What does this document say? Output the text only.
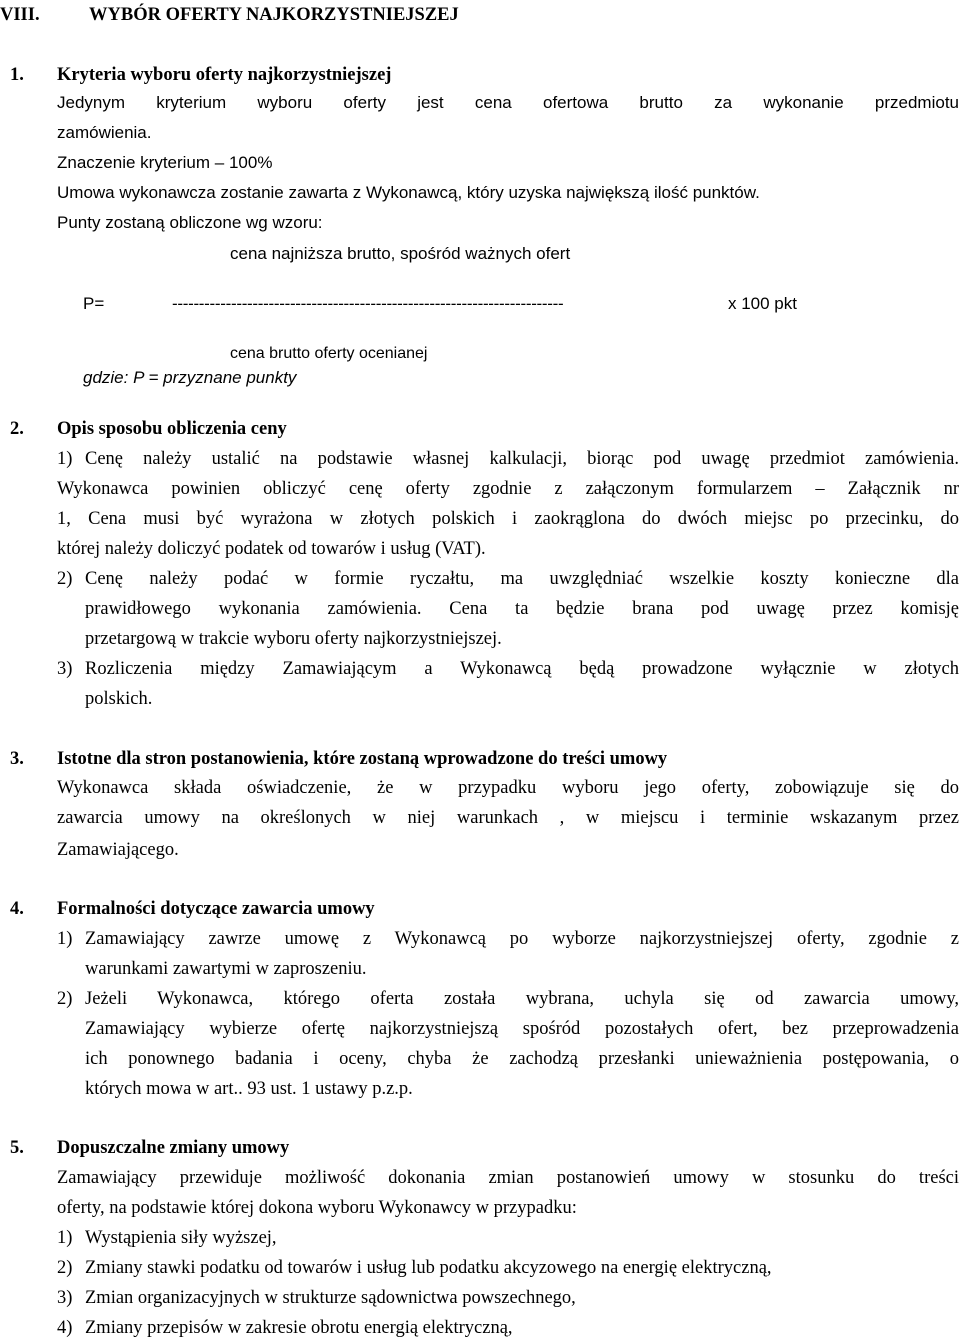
VIII.	WYBÓR OFERTY NAJKORZYSTNIEJSZEJ
1. Kryteria wyboru oferty najkorzystniejszej
Jedynym kryterium wyboru oferty jest cena ofertowa brutto za wykonanie przedmiotu
zamówienia.
Znaczenie kryterium – 100%
Umowa wykonawcza zostanie zawarta z Wykonawcą, który uzyska największą ilość punktów.
Punty zostaną obliczone wg wzoru:
cena najniższa brutto, spośród ważnych ofert
P=	-------------------------------------------------------------------------	x 100 pkt
cena brutto oferty ocenianej
gdzie: P = przyznane punkty
2. Opis sposobu obliczenia ceny
1) Cenę należy ustalić na podstawie własnej kalkulacji, biorąc pod uwagę przedmiot zamówienia.
Wykonawca powinien obliczyć cenę oferty zgodnie z załączonym formularzem – Załącznik nr
1, Cena musi być wyrażona w złotych polskich i zaokrąglona do dwóch miejsc po przecinku, do
której należy doliczyć podatek od towarów i usług (VAT).
2) Cenę należy podać w formie ryczałtu, ma uwzględniać wszelkie koszty konieczne dla
prawidłowego wykonania zamówienia. Cena ta będzie brana pod uwagę przez komisję
przetargową w trakcie wyboru oferty najkorzystniejszej.
3) Rozliczenia między Zamawiającym a Wykonawcą będą prowadzone wyłącznie w złotych
polskich.
3. Istotne dla stron postanowienia, które zostaną wprowadzone do treści umowy
Wykonawca składa oświadczenie, że w przypadku wyboru jego oferty, zobowiązuje się do
zawarcia umowy na określonych w niej warunkach , w miejscu i terminie wskazanym przez
Zamawiającego.
4. Formalności dotyczące zawarcia umowy
1) Zamawiający zawrze umowę z Wykonawcą po wyborze najkorzystniejszej oferty, zgodnie z
warunkami zawartymi w zaproszeniu.
2) Jeżeli Wykonawca, którego oferta została wybrana, uchyla się od zawarcia umowy,
Zamawiający wybierze ofertę najkorzystniejszą spośród pozostałych ofert, bez przeprowadzenia
ich ponownego badania i oceny, chyba że zachodzą przesłanki unieważnienia postępowania, o
których mowa w art.. 93 ust. 1 ustawy p.z.p.
5. Dopuszczalne zmiany umowy
Zamawiający przewiduje możliwość dokonania zmian postanowień umowy w stosunku do treści
oferty, na podstawie której dokona wyboru Wykonawcy w przypadku:
1) Wystąpienia siły wyższej,
2) Zmiany stawki podatku od towarów i usług lub podatku akcyzowego na energię elektryczną,
3) Zmian organizacyjnych w strukturze sądownictwa powszechnego,
4) Zmiany przepisów w zakresie obrotu energią elektryczną,
